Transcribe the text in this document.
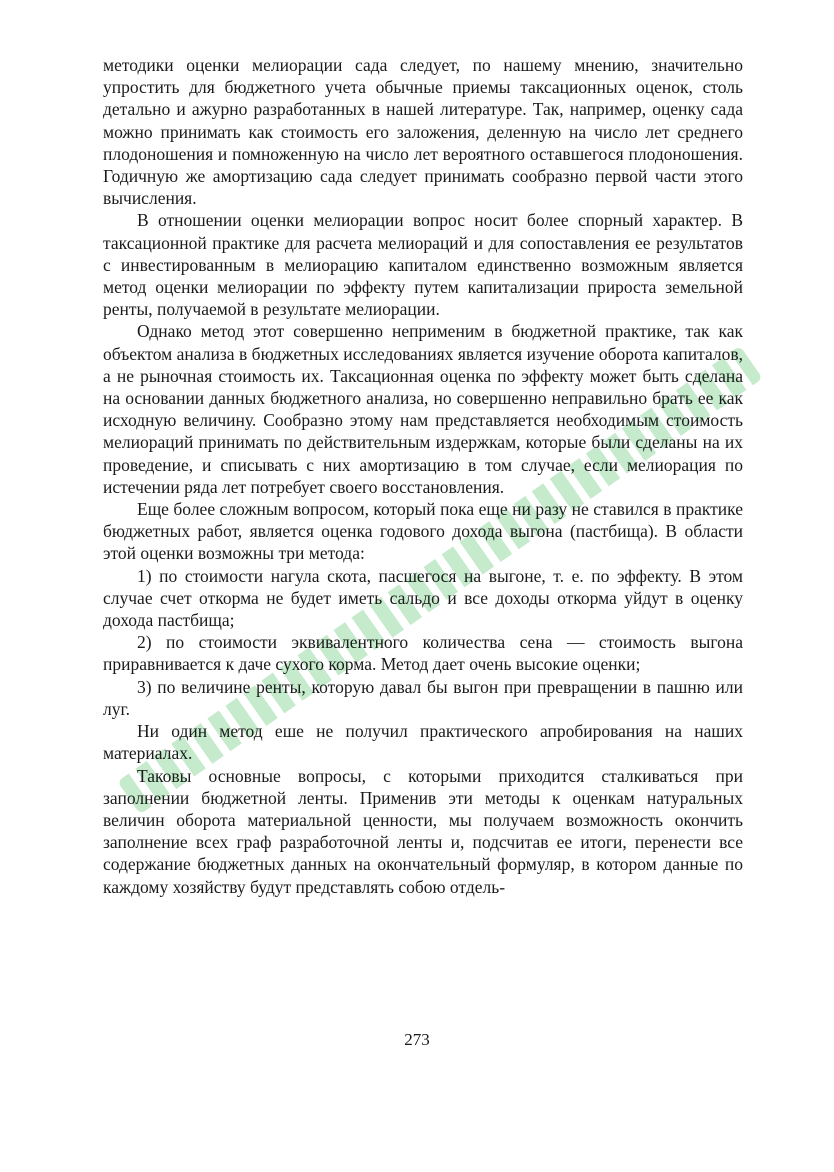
методики оценки мелиорации сада следует, по нашему мнению, значительно упростить для бюджетного учета обычные приемы таксационных оценок, столь детально и ажурно разработанных в нашей литературе. Так, например, оценку сада можно принимать как стоимость его заложения, деленную на число лет среднего плодоношения и помноженную на число лет вероятного оставшегося плодоношения. Годичную же амортизацию сада следует принимать сообразно первой части этого вычисления.

В отношении оценки мелиорации вопрос носит более спорный характер. В таксационной практике для расчета мелиораций и для сопоставления ее результатов с инвестированным в мелиорацию капиталом единственно возможным является метод оценки мелиорации по эффекту путем капитализации прироста земельной ренты, получаемой в результате мелиорации.

Однако метод этот совершенно неприменим в бюджетной практике, так как объектом анализа в бюджетных исследованиях является изучение оборота капиталов, а не рыночная стоимость их. Таксационная оценка по эффекту может быть сделана на основании данных бюджетного анализа, но совершенно неправильно брать ее как исходную величину. Сообразно этому нам представляется необходимым стоимость мелиораций принимать по действительным издержкам, которые были сделаны на их проведение, и списывать с них амортизацию в том случае, если мелиорация по истечении ряда лет потребует своего восстановления.

Еще более сложным вопросом, который пока еще ни разу не ставился в практике бюджетных работ, является оценка годового дохода выгона (пастбища). В области этой оценки возможны три метода:

1) по стоимости нагула скота, пасшегося на выгоне, т. е. по эффекту. В этом случае счет откорма не будет иметь сальдо и все доходы откорма уйдут в оценку дохода пастбища;

2) по стоимости эквивалентного количества сена — стоимость выгона приравнивается к даче сухого корма. Метод дает очень высокие оценки;

3) по величине ренты, которую давал бы выгон при превращении в пашню или луг.

Ни один метод еше не получил практического апробирования на наших материалах.

Таковы основные вопросы, с которыми приходится сталкиваться при заполнении бюджетной ленты. Применив эти методы к оценкам натуральных величин оборота материальной ценности, мы получаем возможность окончить заполнение всех граф разработочной ленты и, подсчитав ее итоги, перенести все содержание бюджетных данных на окончательный формуляр, в котором данные по каждому хозяйству будут представлять собою отдель-

273
